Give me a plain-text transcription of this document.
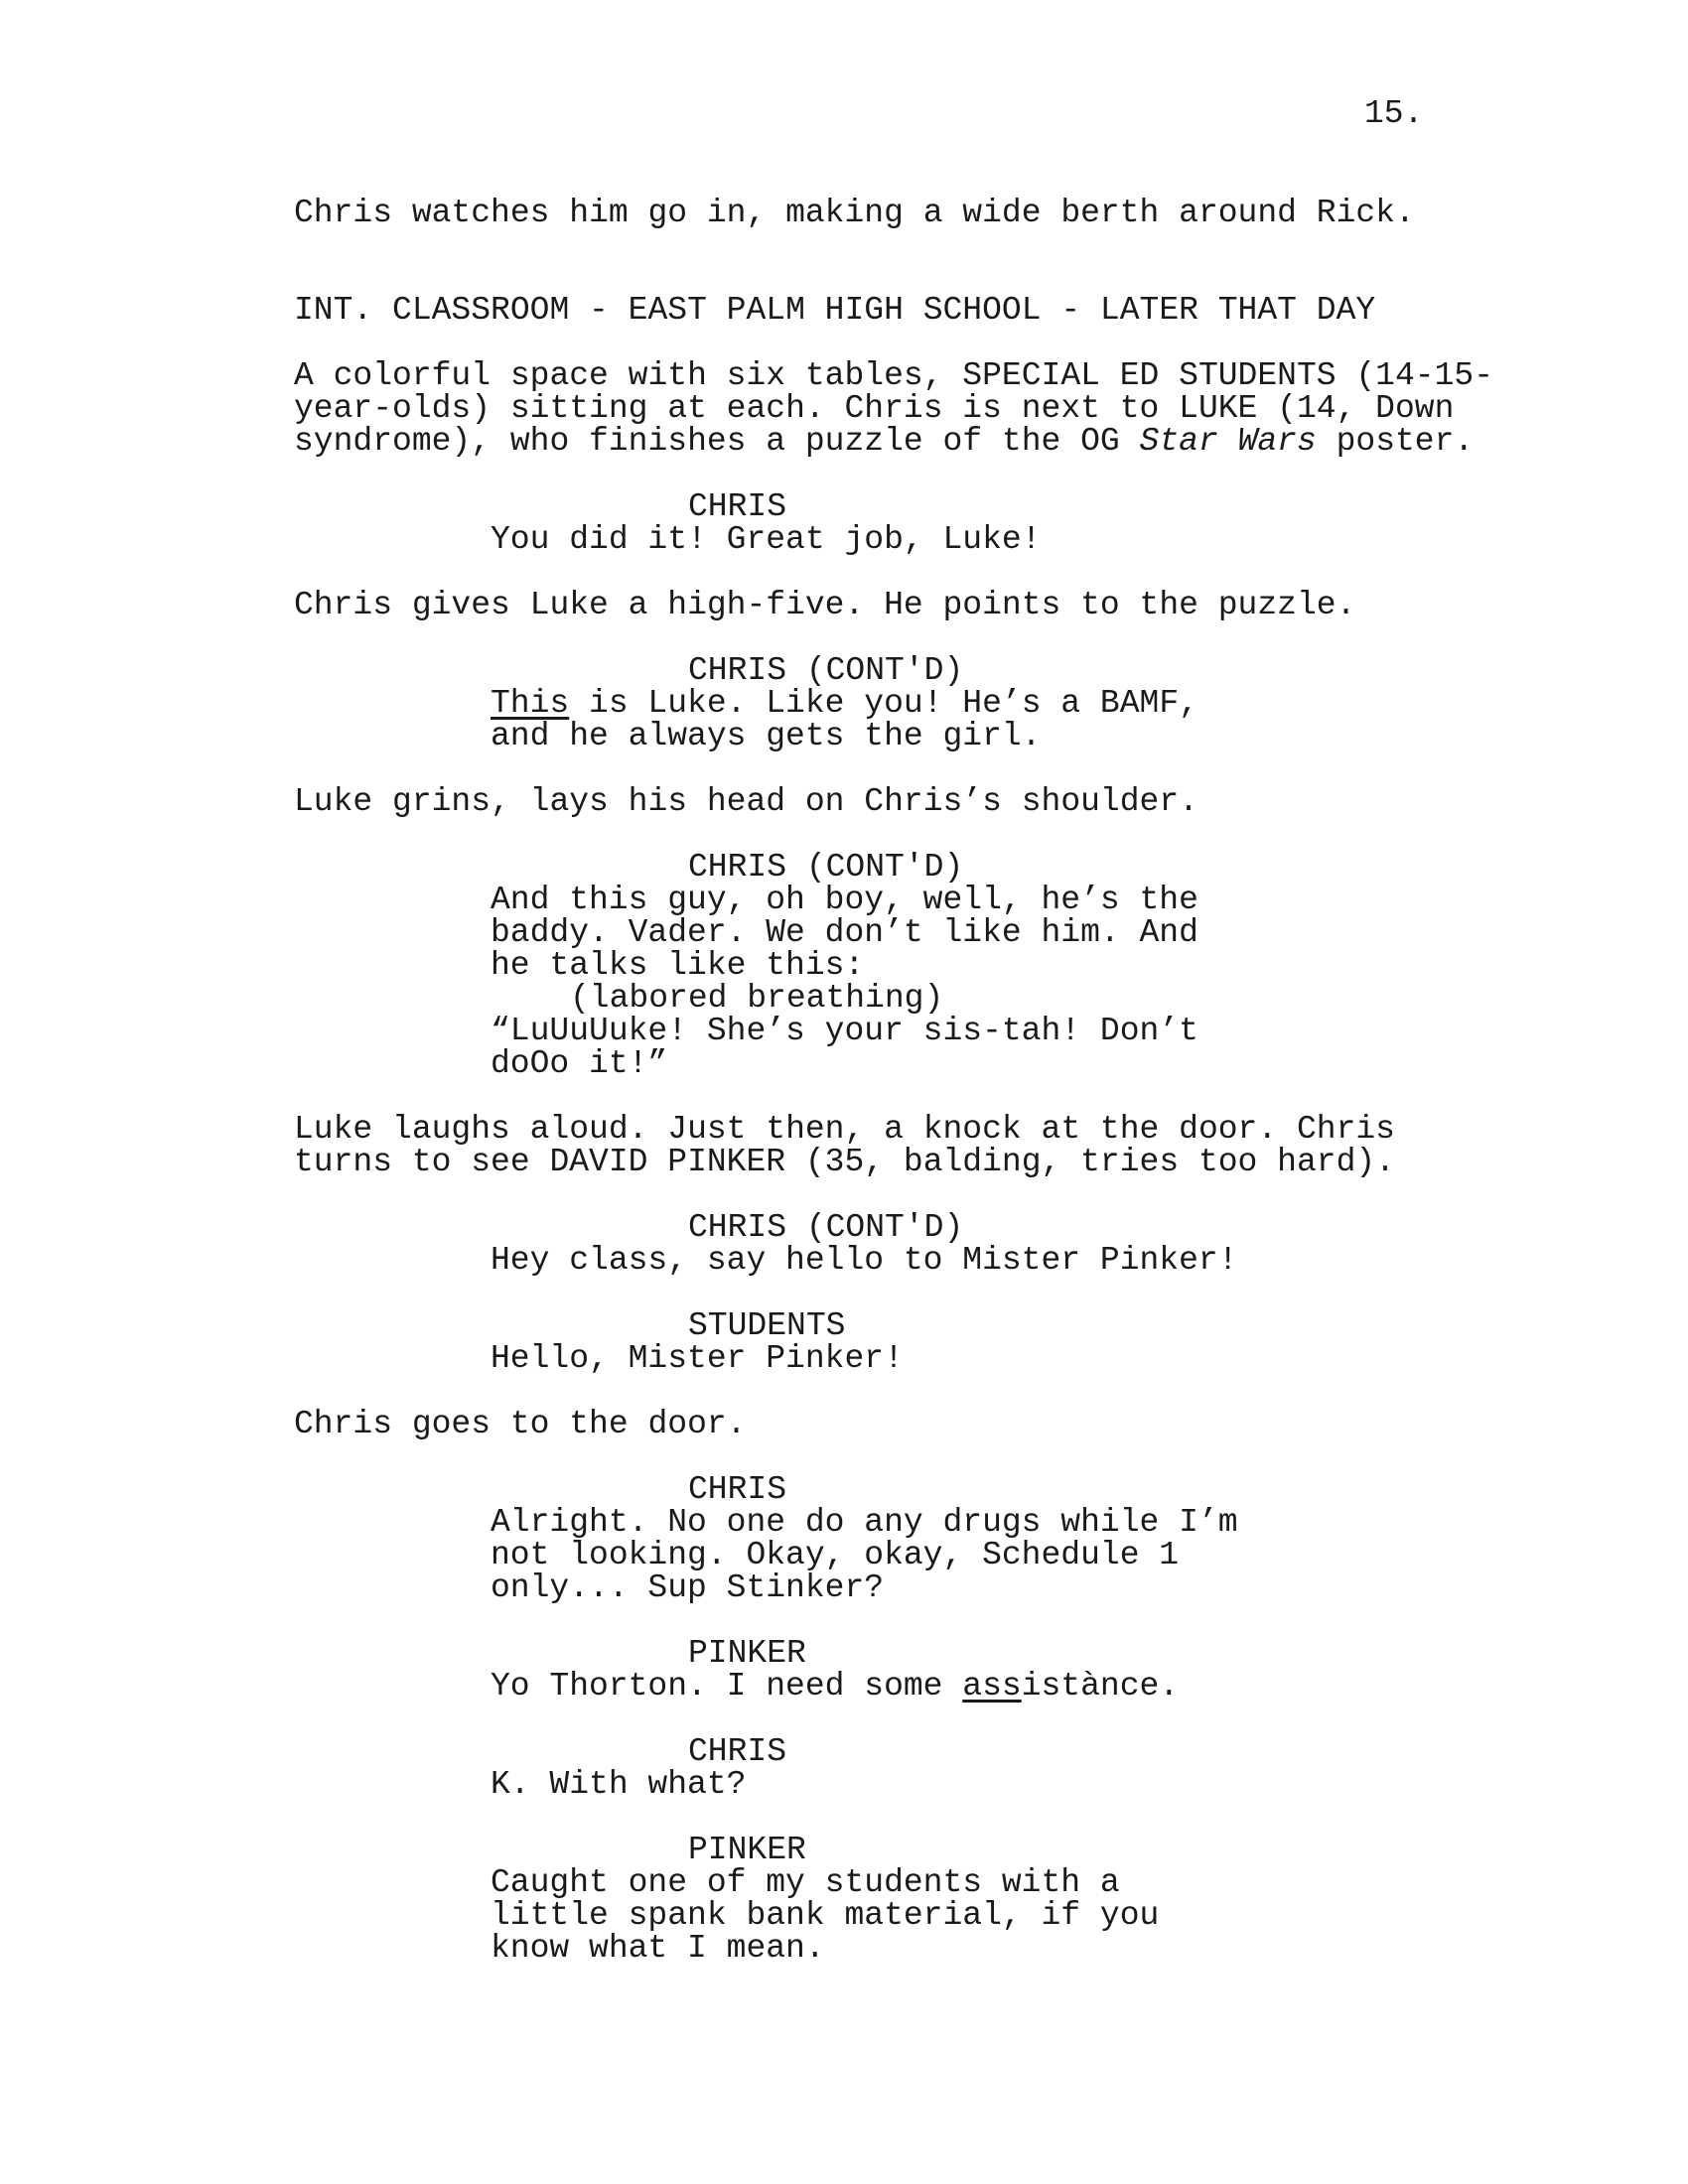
15.

Chris watches him go in, making a wide berth around Rick.

INT. CLASSROOM - EAST PALM HIGH SCHOOL - LATER THAT DAY

A colorful space with six tables, SPECIAL ED STUDENTS (14-15-

year-olds) sitting at each. Chris is next to LUKE (14, Down

syndrome), who finishes a puzzle of the OG Star Wars poster.

CHRIS

You did it! Great job, Luke!

Chris gives Luke a high-five. He points to the puzzle.

CHRIS (CONT'D)

This is Luke. Like you! He’s a BAMF,

and he always gets the girl.

Luke grins, lays his head on Chris’s shoulder.

CHRIS (CONT'D)

And this guy, oh boy, well, he’s the

baddy. Vader. We don’t like him. And

he talks like this:

(labored breathing)

“LuUuUuke! She’s your sis-tah! Don’t

doOo it!”

Luke laughs aloud. Just then, a knock at the door. Chris

turns to see DAVID PINKER (35, balding, tries too hard).

CHRIS (CONT'D)

Hey class, say hello to Mister Pinker!

STUDENTS

Hello, Mister Pinker!

Chris goes to the door.

CHRIS

Alright. No one do any drugs while I’m

not looking. Okay, okay, Schedule 1

only... Sup Stinker?

PINKER

Yo Thorton. I need some assistànce.

CHRIS

K. With what?

PINKER

Caught one of my students with a

little spank bank material, if you

know what I mean.
